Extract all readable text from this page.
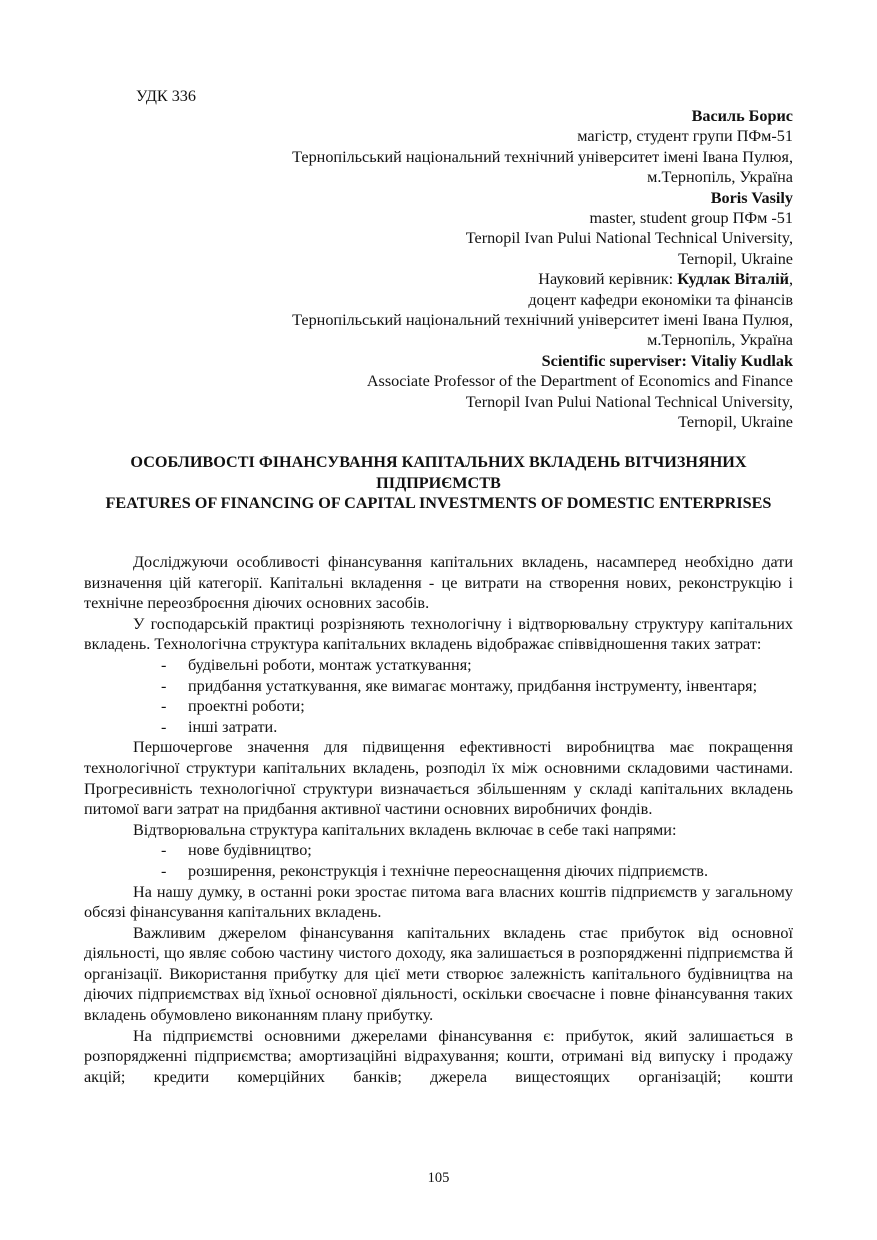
УДК 336
Василь Борис
магістр, студент групи ПФм-51
Тернопільський національний технічний університет імені Івана Пулюя,
м.Тернопіль, Україна
Boris Vasily
master, student group ПФм -51
Ternopil Ivan Pului National Technical University,
Ternopil, Ukraine
Науковий керівник: Кудлак Віталій,
доцент кафедри економіки та фінансів
Тернопільський національний технічний університет імені Івана Пулюя,
м.Тернопіль, Україна
Scientific superviser: Vitaliy Kudlak
Associate Professor of the Department of Economics and Finance
Ternopil Ivan Pului National Technical University,
Ternopil, Ukraine
ОСОБЛИВОСТІ ФІНАНСУВАННЯ КАПІТАЛЬНИХ ВКЛАДЕНЬ ВІТЧИЗНЯНИХ ПІДПРИЄМСТВ
FEATURES OF FINANCING OF CAPITAL INVESTMENTS OF DOMESTIC ENTERPRISES

Досліджуючи особливості фінансування капітальних вкладень, насамперед необхідно дати визначення цій категорії. Капітальні вкладення - це витрати на створення нових, реконструкцію і технічне переозброєння діючих основних засобів.

У господарській практиці розрізняють технологічну і відтворювальну структуру капітальних вкладень. Технологічна структура капітальних вкладень відображає співвідношення таких затрат:

- будівельні роботи, монтаж устаткування;
- придбання устаткування, яке вимагає монтажу, придбання інструменту, інвентаря;
- проектні роботи;
- інші затрати.

Першочергове значення для підвищення ефективності виробництва має покращення технологічної структури капітальних вкладень, розподіл їх між основними складовими частинами. Прогресивність технологічної структури визначається збільшенням у складі капітальних вкладень питомої ваги затрат на придбання активної частини основних виробничих фондів.

Відтворювальна структура капітальних вкладень включає в себе такі напрями:

- нове будівництво;
- розширення, реконструкція і технічне переоснащення діючих підприємств.

На нашу думку, в останні роки зростає питома вага власних коштів підприємств у загальному обсязі фінансування капітальних вкладень.

Важливим джерелом фінансування капітальних вкладень стає прибуток від основної діяльності, що являє собою частину чистого доходу, яка залишається в розпорядженні підприємства й організації. Використання прибутку для цієї мети створює залежність капітального будівництва на діючих підприємствах від їхньої основної діяльності, оскільки своєчасне і повне фінансування таких вкладень обумовлено виконанням плану прибутку.

На підприємстві основними джерелами фінансування є: прибуток, який залишається в розпорядженні підприємства; амортизаційні відрахування; кошти, отримані від випуску і продажу акцій; кредити комерційних банків; джерела вищестоящих організацій; кошти

105
